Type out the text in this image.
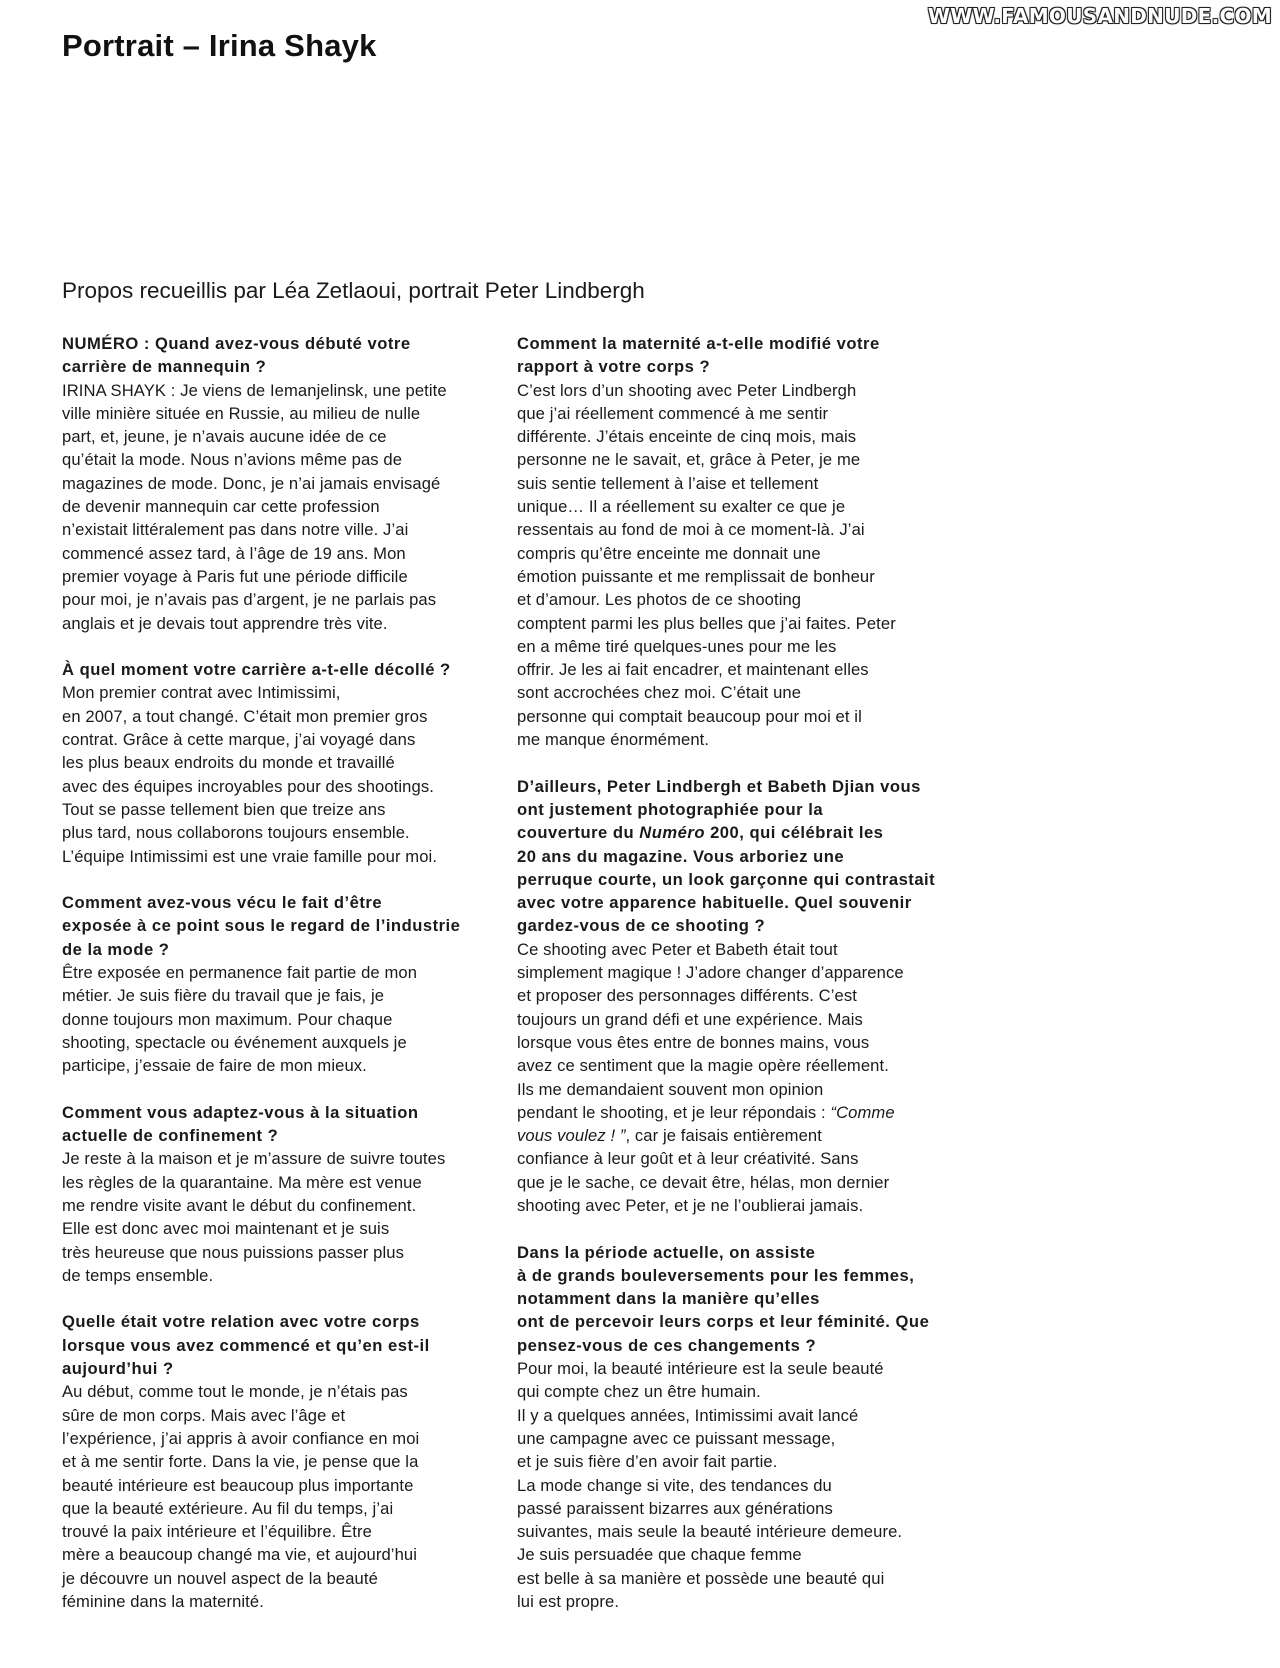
WWW.FAMOUSANDNUDE.COM
Portrait – Irina Shayk
Propos recueillis par Léa Zetlaoui, portrait Peter Lindbergh
NUMÉRO : Quand avez-vous débuté votre
carrière de mannequin ?
IRINA SHAYK : Je viens de Iemanjelinsk, une petite
ville minière située en Russie, au milieu de nulle
part, et, jeune, je n’avais aucune idée de ce
qu’était la mode. Nous n’avions même pas de
magazines de mode. Donc, je n’ai jamais envisagé
de devenir mannequin car cette profession
n’existait littéralement pas dans notre ville. J’ai
commencé assez tard, à l’âge de 19 ans. Mon
premier voyage à Paris fut une période difficile
pour moi, je n’avais pas d’argent, je ne parlais pas
anglais et je devais tout apprendre très vite.
À quel moment votre carrière a-t-elle décollé ?
Mon premier contrat avec Intimissimi,
en 2007, a tout changé. C’était mon premier gros
contrat. Grâce à cette marque, j’ai voyagé dans
les plus beaux endroits du monde et travaillé
avec des équipes incroyables pour des shootings.
Tout se passe tellement bien que treize ans
plus tard, nous collaborons toujours ensemble.
L’équipe Intimissimi est une vraie famille pour moi.
Comment avez-vous vécu le fait d’être
exposée à ce point sous le regard de l’industrie
de la mode ?
Être exposée en permanence fait partie de mon
métier. Je suis fière du travail que je fais, je
donne toujours mon maximum. Pour chaque
shooting, spectacle ou événement auxquels je
participe, j’essaie de faire de mon mieux.
Comment vous adaptez-vous à la situation
actuelle de confinement ?
Je reste à la maison et je m’assure de suivre toutes
les règles de la quarantaine. Ma mère est venue
me rendre visite avant le début du confinement.
Elle est donc avec moi maintenant et je suis
très heureuse que nous puissions passer plus
de temps ensemble.
Quelle était votre relation avec votre corps
lorsque vous avez commencé et qu’en est-il
aujourd’hui ?
Au début, comme tout le monde, je n’étais pas
sûre de mon corps. Mais avec l’âge et
l’expérience, j’ai appris à avoir confiance en moi
et à me sentir forte. Dans la vie, je pense que la
beauté intérieure est beaucoup plus importante
que la beauté extérieure. Au fil du temps, j’ai
trouvé la paix intérieure et l’équilibre. Être
mère a beaucoup changé ma vie, et aujourd’hui
je découvre un nouvel aspect de la beauté
féminine dans la maternité.
Comment la maternité a-t-elle modifié votre
rapport à votre corps ?
C’est lors d’un shooting avec Peter Lindbergh
que j’ai réellement commencé à me sentir
différente. J’étais enceinte de cinq mois, mais
personne ne le savait, et, grâce à Peter, je me
suis sentie tellement à l’aise et tellement
unique… Il a réellement su exalter ce que je
ressentais au fond de moi à ce moment-là. J’ai
compris qu’être enceinte me donnait une
émotion puissante et me remplissait de bonheur
et d’amour. Les photos de ce shooting
comptent parmi les plus belles que j’ai faites. Peter
en a même tiré quelques-unes pour me les
offrir. Je les ai fait encadrer, et maintenant elles
sont accrochées chez moi. C’était une
personne qui comptait beaucoup pour moi et il
me manque énormément.
D’ailleurs, Peter Lindbergh et Babeth Djian vous
ont justement photographiée pour la
couverture du Numéro 200, qui célébrait les
20 ans du magazine. Vous arboriez une
perruque courte, un look garçonne qui contrastait
avec votre apparence habituelle. Quel souvenir
gardez-vous de ce shooting ?
Ce shooting avec Peter et Babeth était tout
simplement magique ! J’adore changer d’apparence
et proposer des personnages différents. C’est
toujours un grand défi et une expérience. Mais
lorsque vous êtes entre de bonnes mains, vous
avez ce sentiment que la magie opère réellement.
Ils me demandaient souvent mon opinion
pendant le shooting, et je leur répondais : “Comme
vous voulez ! ”, car je faisais entièrement
confiance à leur goût et à leur créativité. Sans
que je le sache, ce devait être, hélas, mon dernier
shooting avec Peter, et je ne l’oublierai jamais.
Dans la période actuelle, on assiste
à de grands bouleversements pour les femmes,
notamment dans la manière qu’elles
ont de percevoir leurs corps et leur féminité. Que
pensez-vous de ces changements ?
Pour moi, la beauté intérieure est la seule beauté
qui compte chez un être humain.
Il y a quelques années, Intimissimi avait lancé
une campagne avec ce puissant message,
et je suis fière d’en avoir fait partie.
La mode change si vite, des tendances du
passé paraissent bizarres aux générations
suivantes, mais seule la beauté intérieure demeure.
Je suis persuadée que chaque femme
est belle à sa manière et possède une beauté qui
lui est propre.
